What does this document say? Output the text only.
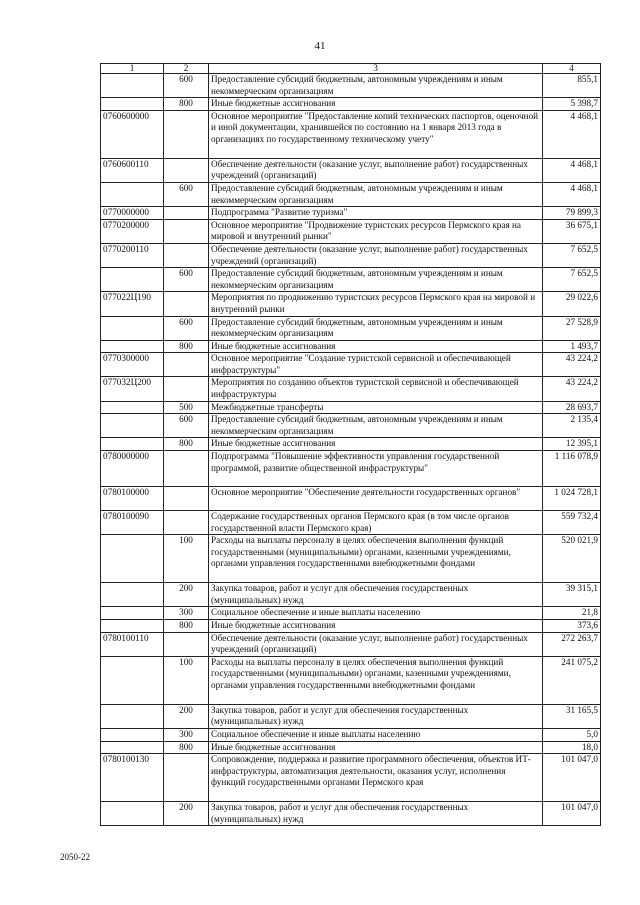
41
1	2	3	4
	600	Предоставление субсидий бюджетным, автономным учреждениям и иным некоммерческим организациям	855,1
	800	Иные бюджетные ассигнования	5 398,7
0760600000		Основное мероприятие "Предоставление копий технических паспортов, оценочной и иной документации, хранившейся по состоянию на 1 января 2013 года в организациях по государственному техническому учету"	4 468,1
0760600110		Обеспечение деятельности (оказание услуг, выполнение работ) государственных учреждений (организаций)	4 468,1
	600	Предоставление субсидий бюджетным, автономным учреждениям и иным некоммерческим организациям	4 468,1
0770000000		Подпрограмма "Развитие туризма"	79 899,3
0770200000		Основное мероприятие "Продвижение туристских ресурсов Пермского края на мировой и внутренний рынки"	36 675,1
0770200110		Обеспечение деятельности (оказание услуг, выполнение работ) государственных учреждений (организаций)	7 652,5
	600	Предоставление субсидий бюджетным, автономным учреждениям и иным некоммерческим организациям	7 652,5
077022Ц190		Мероприятия по продвижению туристских ресурсов Пермского края на мировой и внутренний рынки	29 022,6
	600	Предоставление субсидий бюджетным, автономным учреждениям и иным некоммерческим организациям	27 528,9
	800	Иные бюджетные ассигнования	1 493,7
0770300000		Основное мероприятие "Создание туристской сервисной и обеспечивающей инфраструктуры"	43 224,2
077032Ц200		Мероприятия по созданию объектов туристской сервисной и обеспечивающей инфраструктуры	43 224,2
	500	Межбюджетные трансферты	28 693,7
	600	Предоставление субсидий бюджетным, автономным учреждениям и иным некоммерческим организациям	2 135,4
	800	Иные бюджетные ассигнования	12 395,1
0780000000		Подпрограмма "Повышение эффективности управления государственной программой, развитие общественной инфраструктуры"	1 116 078,9
0780100000		Основное мероприятие "Обеспечение деятельности государственных органов"	1 024 728,1
0780100090		Содержание государственных органов Пермского края (в том числе органов государственной власти Пермского края)	559 732,4
	100	Расходы на выплаты персоналу в целях обеспечения выполнения функций государственными (муниципальными) органами, казенными учреждениями, органами управления государственными внебюджетными фондами	520 021,9
	200	Закупка товаров, работ и услуг для обеспечения государственных (муниципальных) нужд	39 315,1
	300	Социальное обеспечение и иные выплаты населению	21,8
	800	Иные бюджетные ассигнования	373,6
0780100110		Обеспечение деятельности (оказание услуг, выполнение работ) государственных учреждений (организаций)	272 263,7
	100	Расходы на выплаты персоналу в целях обеспечения выполнения функций государственными (муниципальными) органами, казенными учреждениями, органами управления государственными внебюджетными фондами	241 075,2
	200	Закупка товаров, работ и услуг для обеспечения государственных (муниципальных) нужд	31 165,5
	300	Социальное обеспечение и иные выплаты населению	5,0
	800	Иные бюджетные ассигнования	18,0
0780100130		Сопровождение, поддержка и развитие программного обеспечения, объектов ИТ-инфраструктуры, автоматизация деятельности, оказания услуг, исполнения функций государственными органами Пермского края	101 047,0
	200	Закупка товаров, работ и услуг для обеспечения государственных (муниципальных) нужд	101 047,0
2050-22
